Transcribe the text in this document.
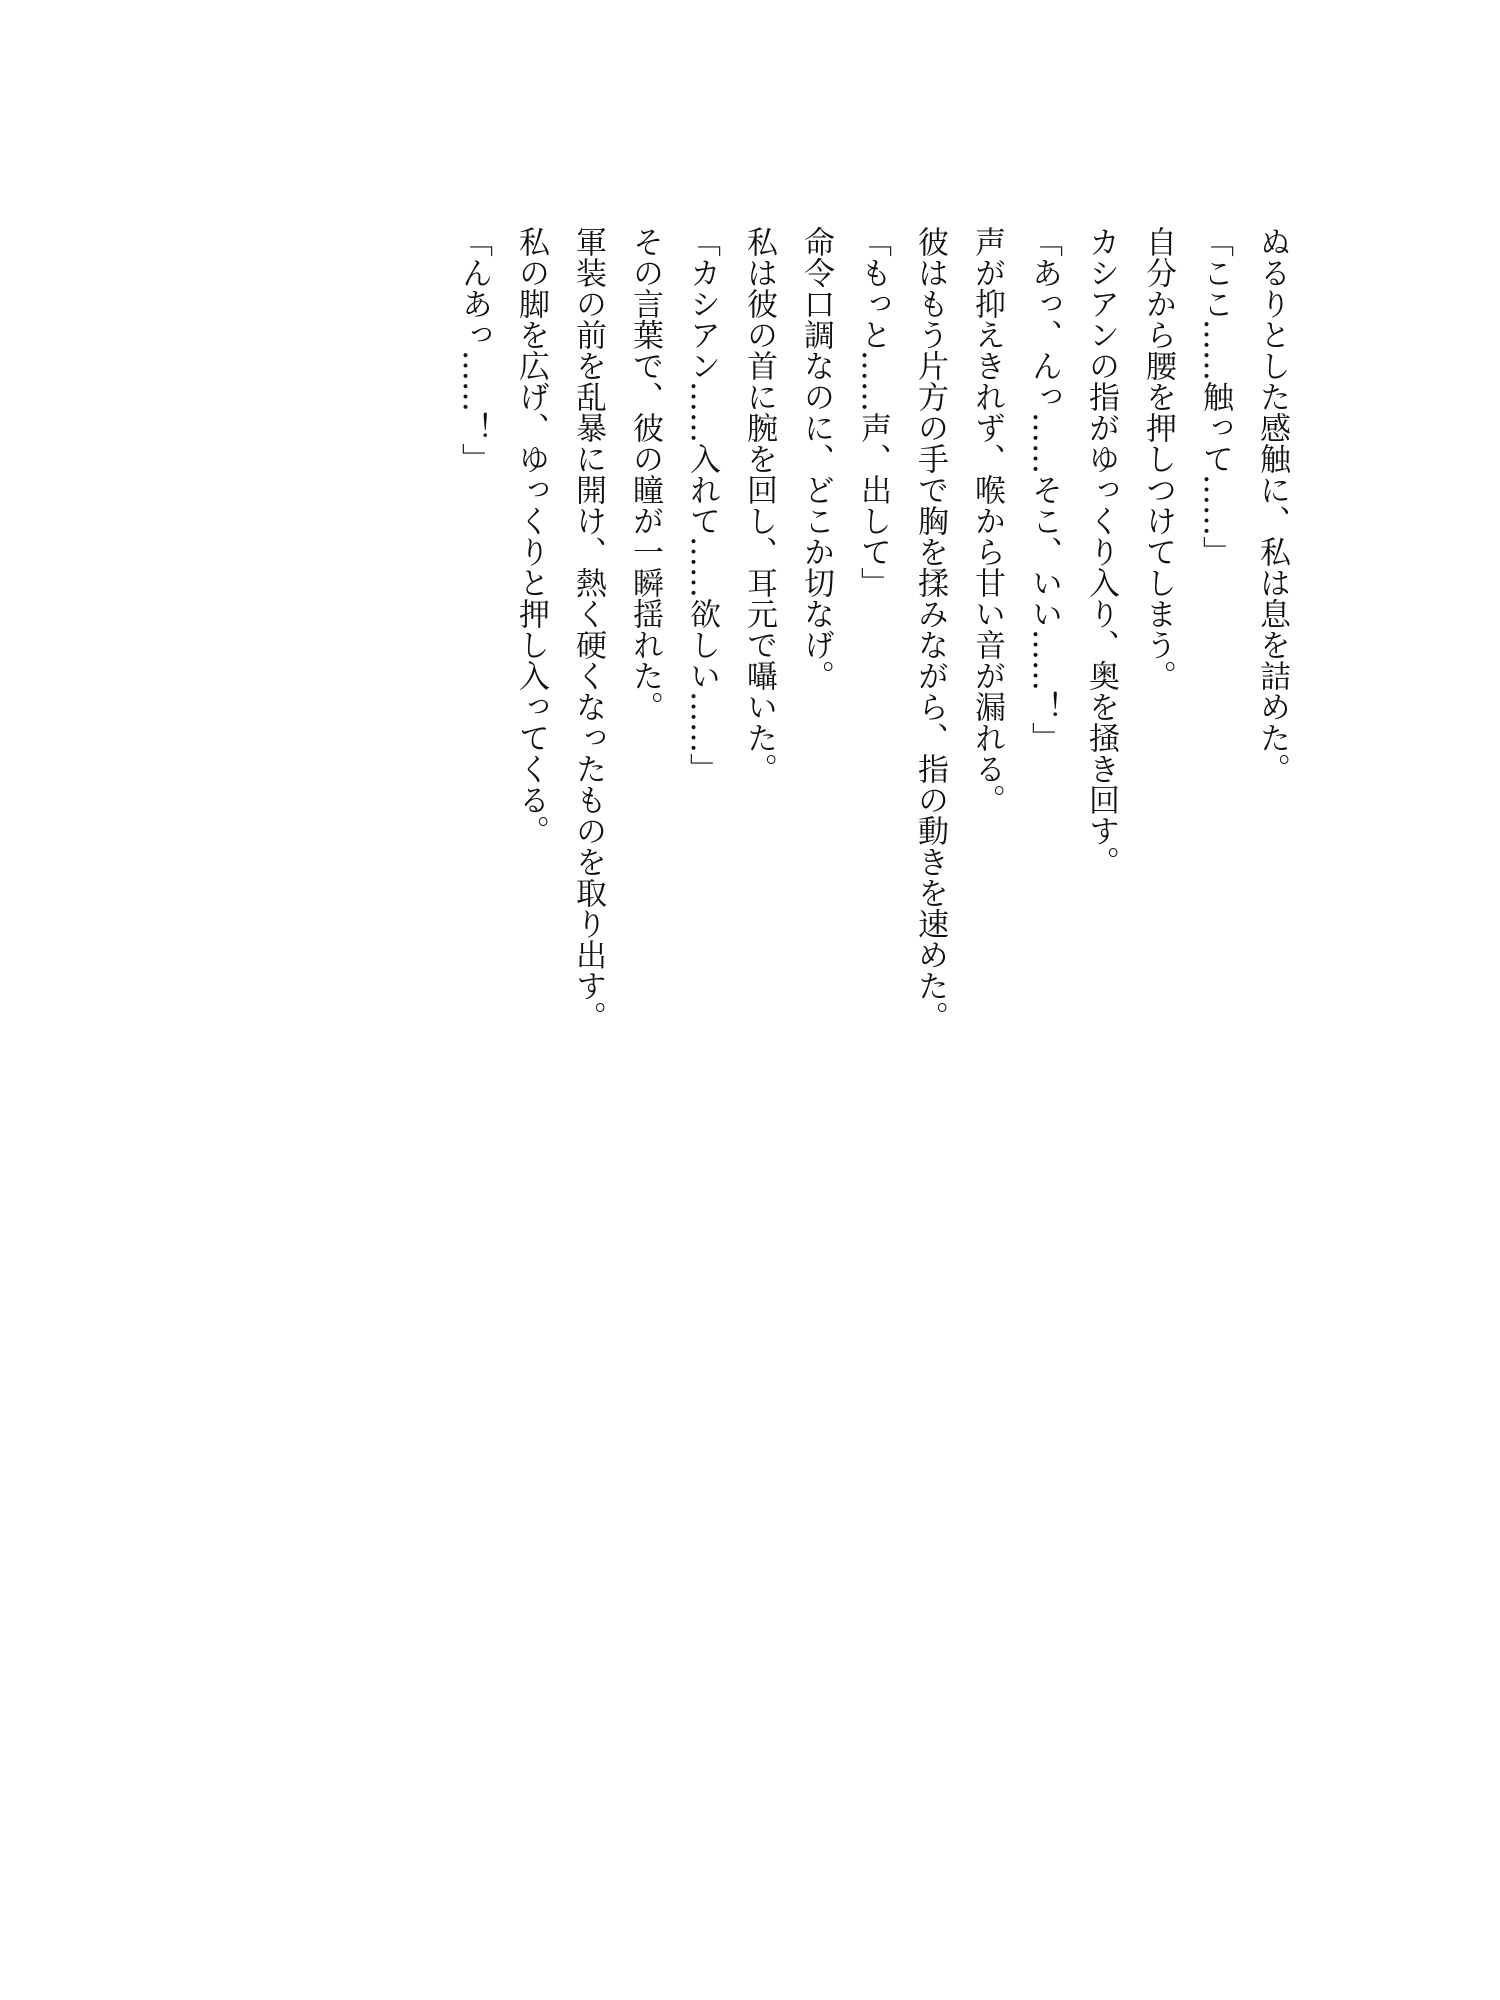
ぬるりとした感触に、私は息を詰めた。

「ここ……触って……」

自分から腰を押しつけてしまう。

カシアンの指がゆっくり入り、奥を掻き回す。

「あっ、んっ……そこ、いい……！」

声が抑えきれず、喉から甘い音が漏れる。

彼はもう片方の手で胸を揉みながら、指の動きを速めた。

「もっと……声、出して」

命令口調なのに、どこか切なげ。

私は彼の首に腕を回し、耳元で囁いた。

「カシアン……入れて……欲しい……」

その言葉で、彼の瞳が一瞬揺れた。

軍装の前を乱暴に開け、熱く硬くなったものを取り出す。

私の脚を広げ、ゆっくりと押し入ってくる。

「んあっ……！」
